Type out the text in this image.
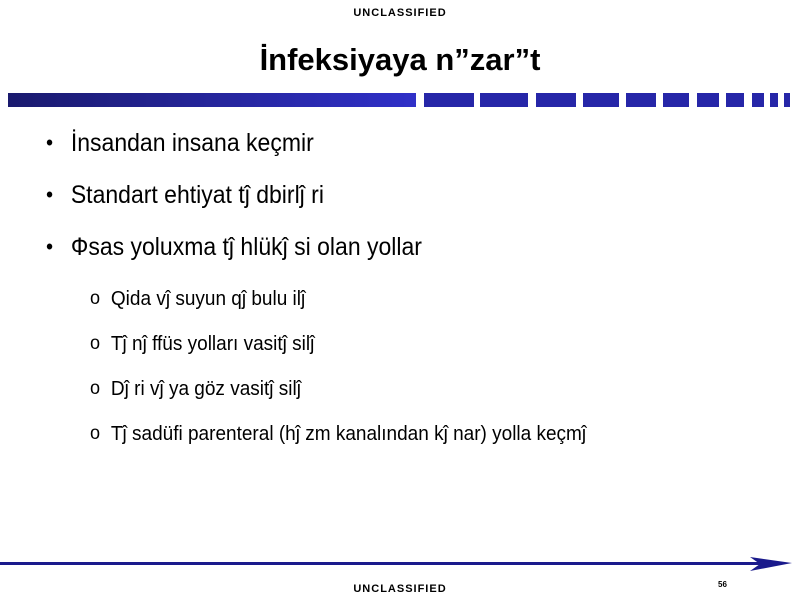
UNCLASSIFIED
İnfeksiyaya n”zar”t
• İnsandan insana keçmir
• Standart ehtiyat tĵ dbirlĵ ri
• Фsas yoluxma tĵ hlükĵ si olan yollar
o Qida vĵ suyun qĵ bulu ilĵ
o Tĵ nĵ ffüs yolları vasitĵ silĵ
o Dĵ ri vĵ ya göz vasitĵ silĵ
o Tĵ sadüfi parenteral (hĵ zm kanalından kĵ nar) yolla keçmĵ
56
UNCLASSIFIED
